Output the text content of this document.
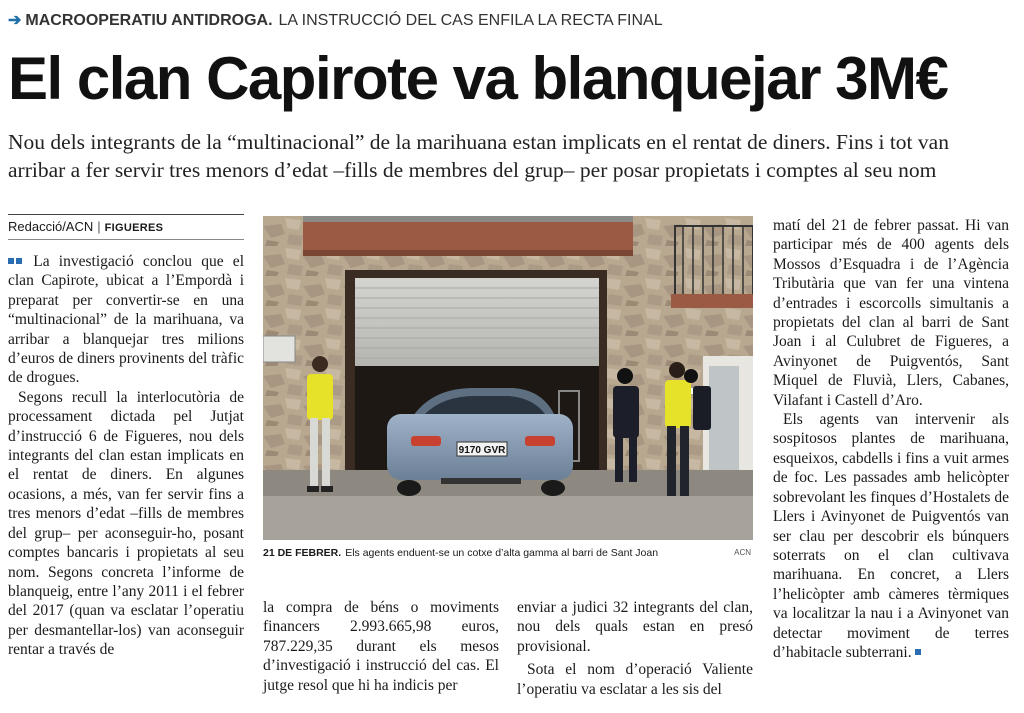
➔ MACROOPERATIU ANTIDROGA. LA INSTRUCCIÓ DEL CAS ENFILA LA RECTA FINAL
El clan Capirote va blanquejar 3M€

Nou dels integrants de la “multinacional” de la marihuana estan implicats en el rentat de diners. Fins i tot van

arribar a fer servir tres menors d’edat –fills de membres del grup– per posar propietats i comptes al seu nom

Redacció/ACN | FIGUERES

La investigació conclou que el clan Capirote, ubicat a l’Empordà i preparat per convertir-se en una “multinacional” de la marihuana, va arribar a blanquejar tres milions d’euros de diners provinents del tràfic de drogues.

Segons recull la interlocutòria de processament dictada pel Jutjat d’instrucció 6 de Figueres, nou dels integrants del clan estan implicats en el rentat de diners. En algunes ocasions, a més, van fer servir fins a tres menors d’edat –fills de membres del grup– per aconseguir-ho, posant comptes bancaris i propietats al seu nom. Segons concreta l’informe de blanqueig, entre l’any 2011 i el febrer del 2017 (quan va esclatar l’operatiu per desmantellar-los) van aconseguir rentar a través de

9170 GVR
21 DE FEBRER. Els agents enduent-se un cotxe d’alta gamma al barri de Sant Joan	ACN

la compra de béns o moviments financers 2.993.665,98 euros, 787.229,35 durant els mesos d’investigació i instrucció del cas. El jutge resol que hi ha indicis per

enviar a judici 32 integrants del clan, nou dels quals estan en presó provisional.

Sota el nom d’operació Valiente l’operatiu va esclatar a les sis del

matí del 21 de febrer passat. Hi van participar més de 400 agents dels Mossos d’Esquadra i de l’Agència Tributària que van fer una vintena d’entrades i escorcolls simultanis a propietats del clan al barri de Sant Joan i al Culubret de Figueres, a Avinyonet de Puigventós, Sant Miquel de Fluvià, Llers, Cabanes, Vilafant i Castell d’Aro.

Els agents van intervenir als sospitosos plantes de marihuana, esqueixos, cabdells i fins a vuit armes de foc. Les passades amb helicòpter sobrevolant les finques d’Hostalets de Llers i Avinyonet de Puigventós van ser clau per descobrir els búnquers soterrats on el clan cultivava marihuana. En concret, a Llers l’helicòpter amb càmeres tèrmiques va localitzar la nau i a Avinyonet van detectar moviment de terres d’habitacle subterrani.
